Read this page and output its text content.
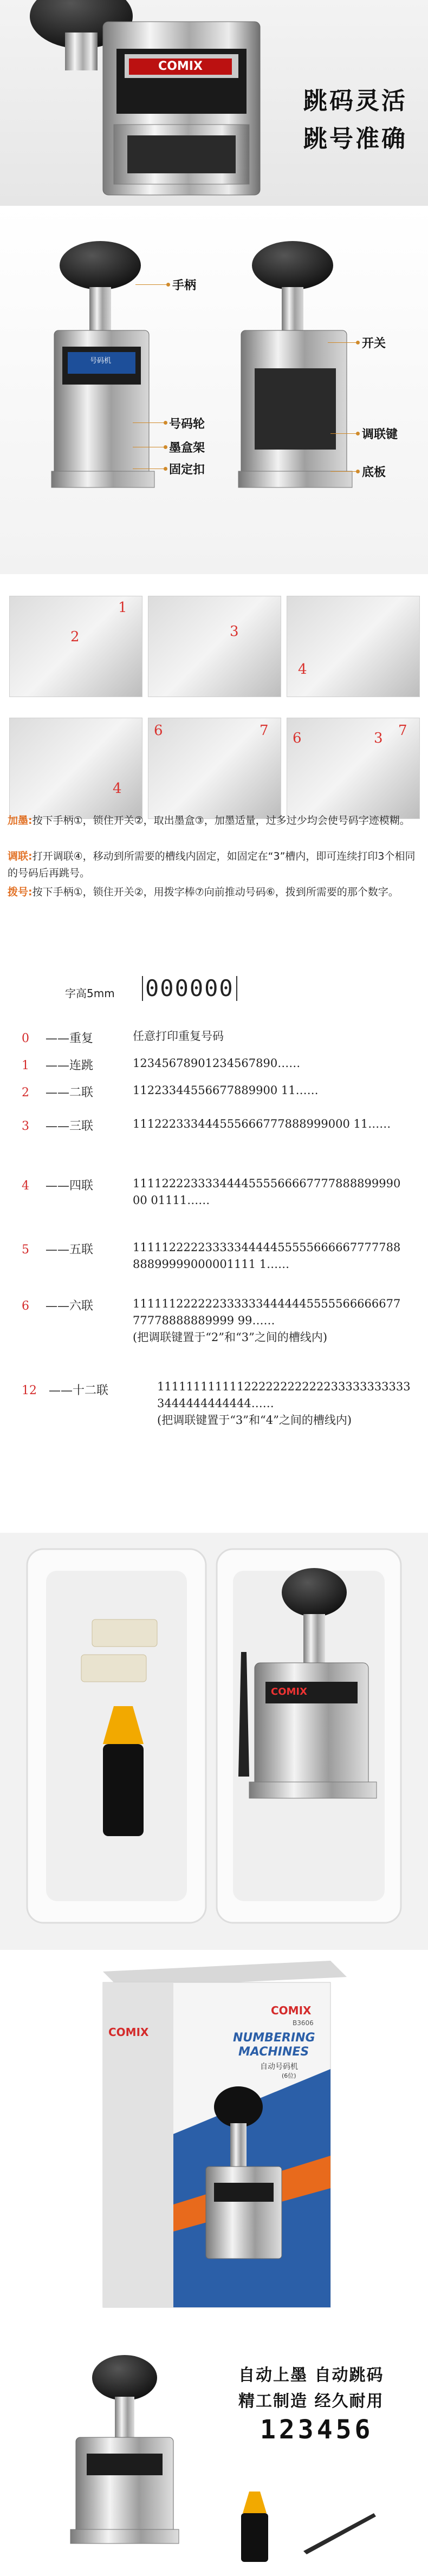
COMIX
跳码灵活
跳号准确
号码机
手柄
号码轮
墨盒架
固定扣
开关
调联键
底板
1
2	3
4
4
6	7 6	3 7
加墨:按下手柄①，锁住开关②，取出墨盒③，加墨适量，过多过少均会使号码字迹模糊。
调联:打开调联④，移动到所需要的槽线内固定，如固定在“3”槽内，即可连续打印3个相同的号码后再跳号。
拨号:按下手柄①，锁住开关②，用拨字棒⑦向前推动号码⑥，拨到所需要的那个数字。
字高5mm 000000
0 ——重复	任意打印重复号码
1 ——连跳	12345678901234567890……
2 ——二联	11223344556677889900 11……
3 ——三联	111222333444555666777888999000 11……
4 ——四联	111122223333444455556666777788889999000 01111……
5 ——五联	111112222233333444445555566666777778888899999000001111 1……
6 ——六联	111111222222333333444444555556666667777778888889999 99……
(把调联键置于“2”和“3”之间的槽线内)
12 ——十二联	111111111111222222222222333333333333444444444444……
(把调联键置于“3”和“4”之间的槽线内)
COMIX
COMIX
COMIX
B3606
NUMBERING
MACHINES
自动号码机
(6位)
自动上墨 自动跳码
精工制造 经久耐用
123456
